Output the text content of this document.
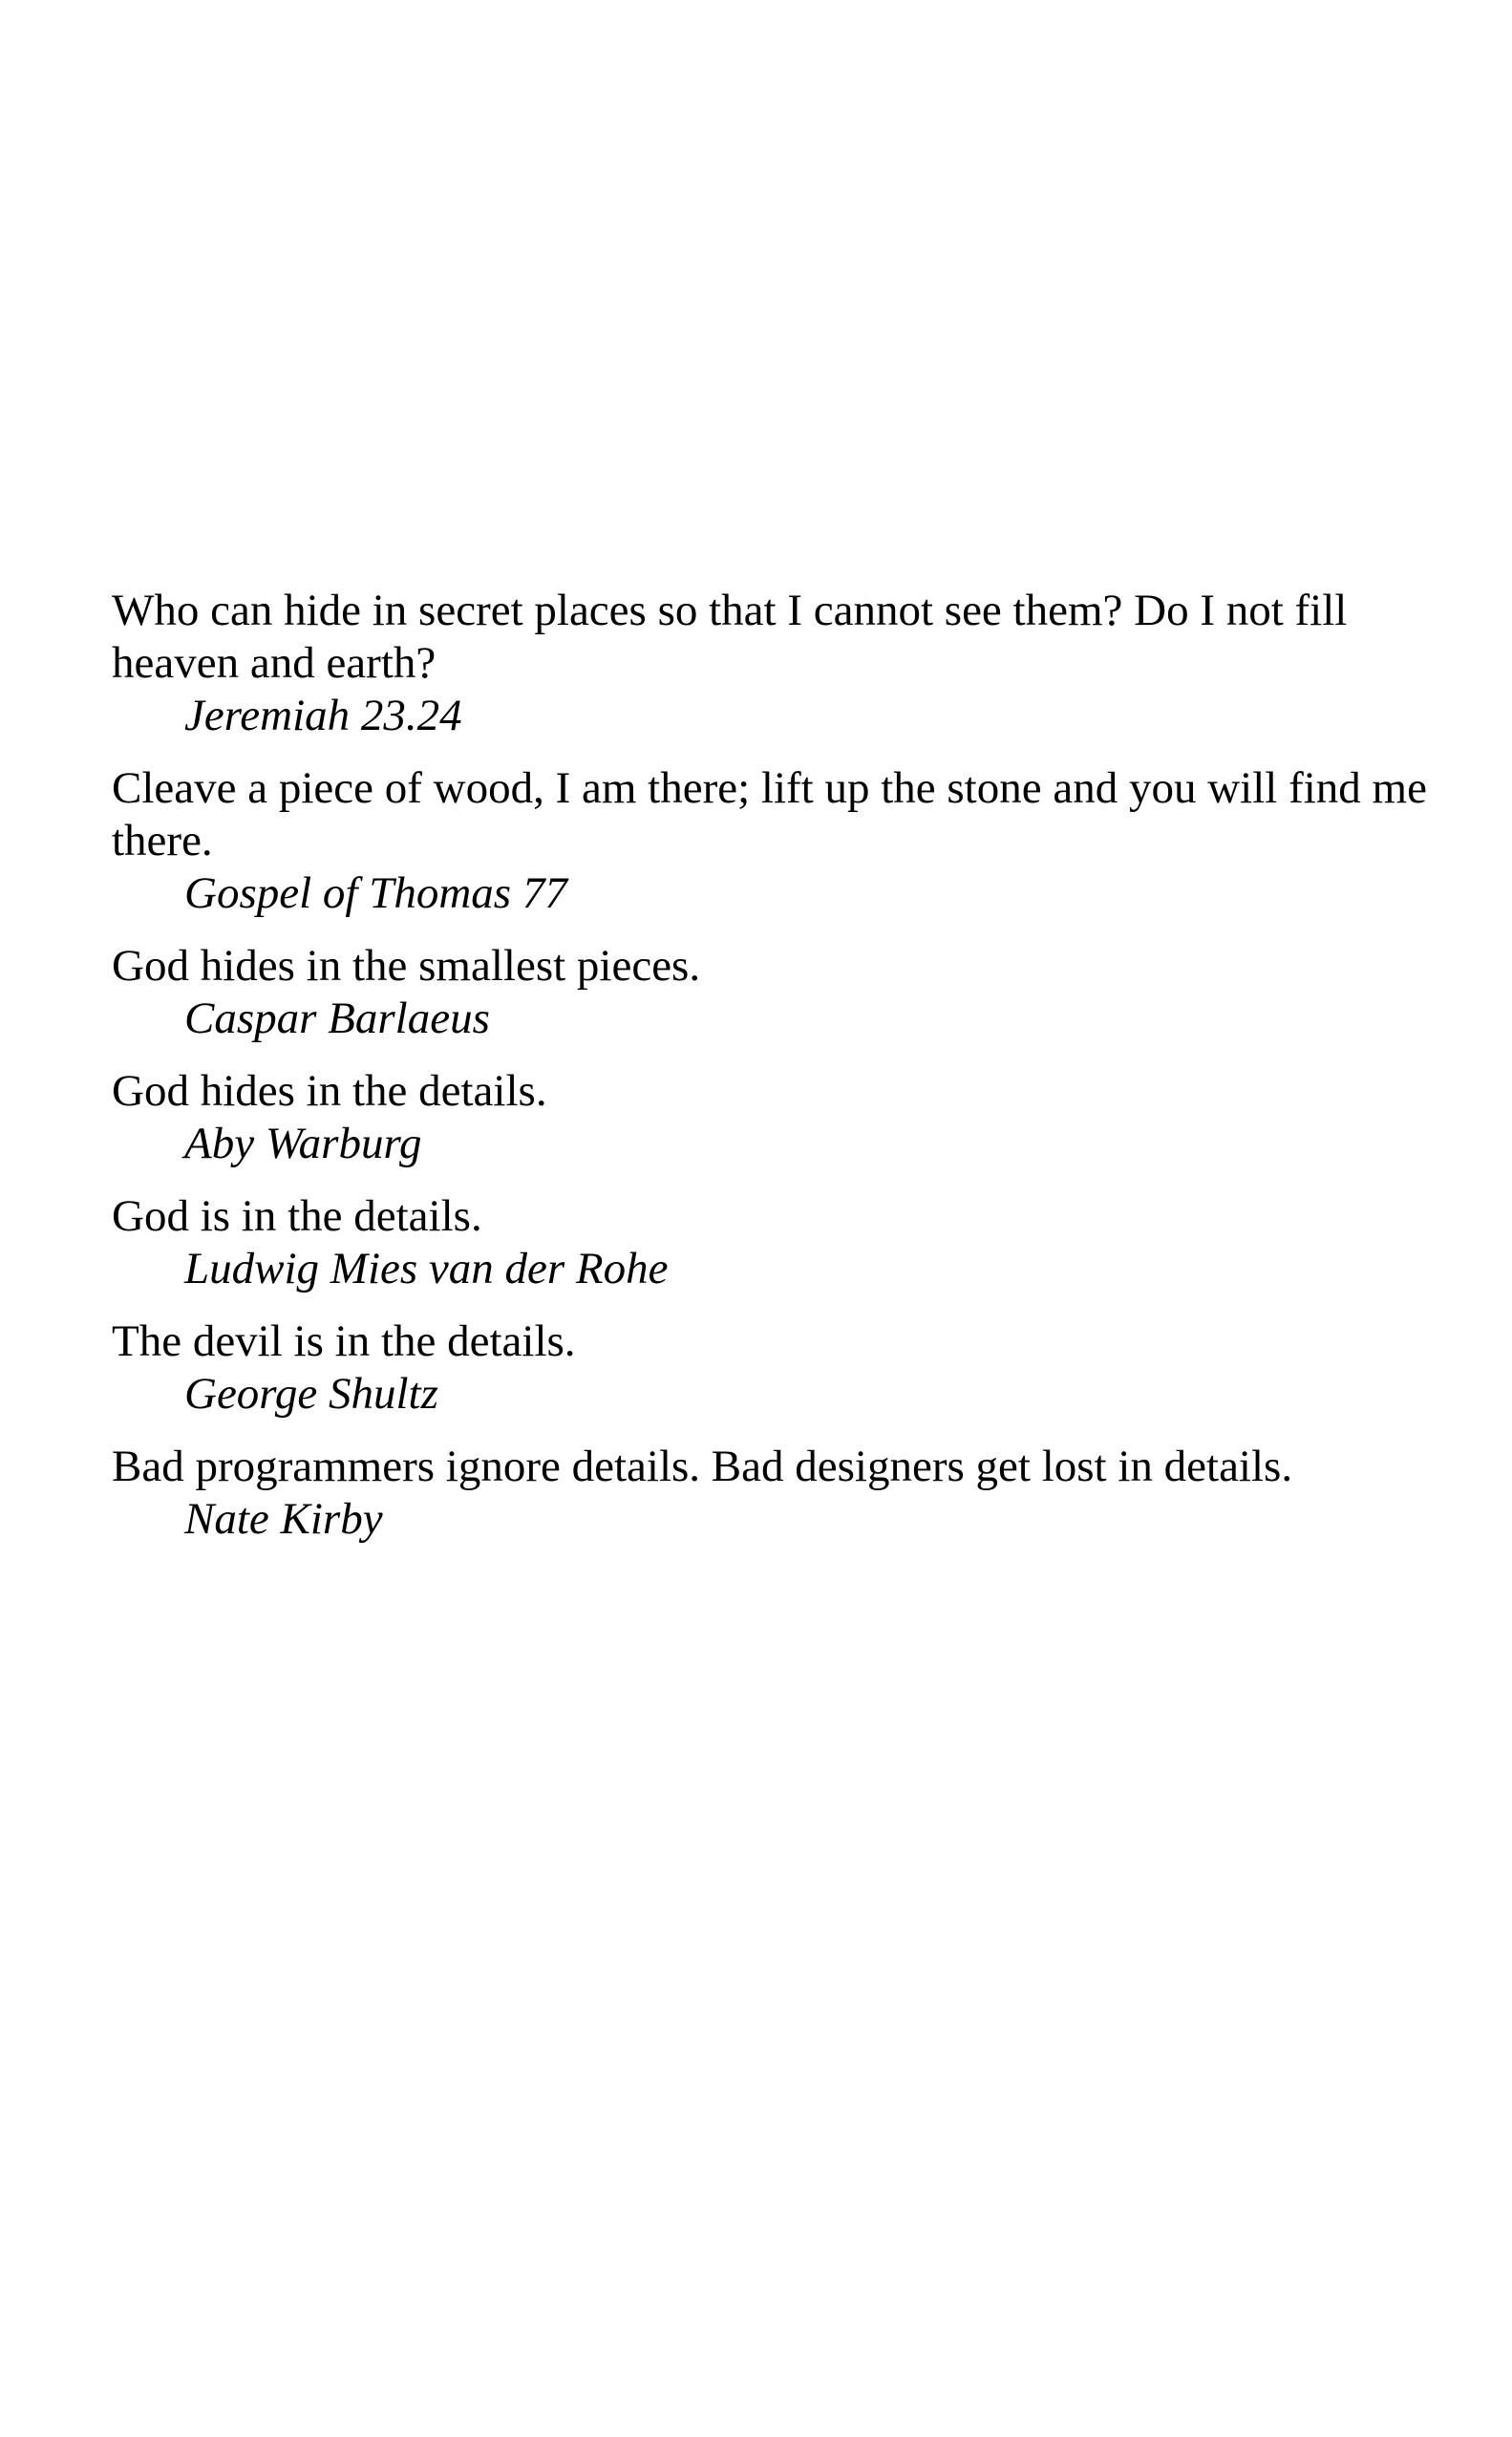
Who can hide in secret places so that I cannot see them? Do I not fill heaven and earth?
Jeremiah 23.24
Cleave a piece of wood, I am there; lift up the stone and you will find me there.
Gospel of Thomas 77
God hides in the smallest pieces.
Caspar Barlaeus
God hides in the details.
Aby Warburg
God is in the details.
Ludwig Mies van der Rohe
The devil is in the details.
George Shultz
Bad programmers ignore details. Bad designers get lost in details.
Nate Kirby
